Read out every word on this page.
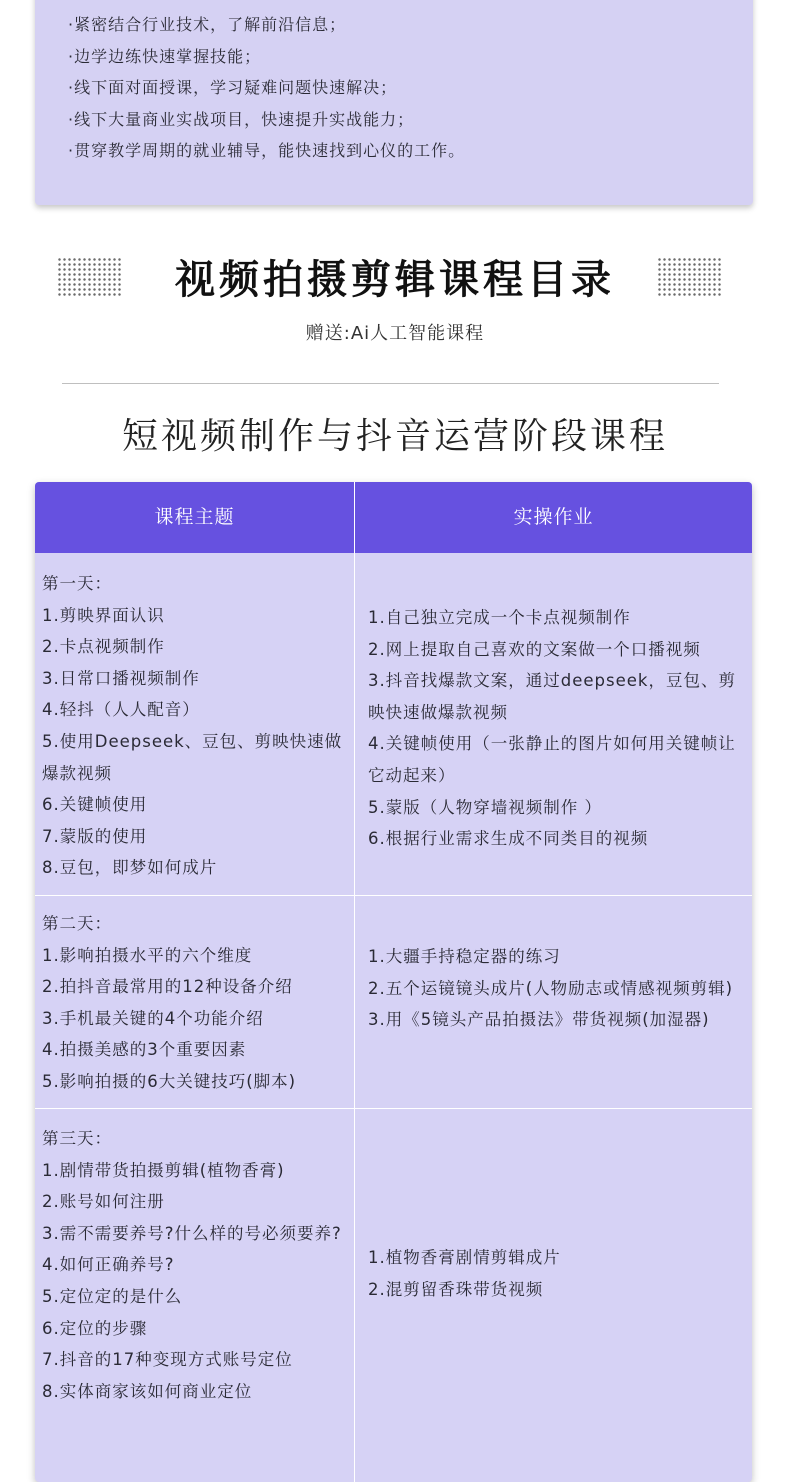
·紧密结合行业技术，了解前沿信息；
·边学边练快速掌握技能；
·线下面对面授课，学习疑难问题快速解决；
·线下大量商业实战项目，快速提升实战能力；
·贯穿教学周期的就业辅导，能快速找到心仪的工作。
视频拍摄剪辑课程目录
赠送:Ai人工智能课程
短视频制作与抖音运营阶段课程
课程主题	实操作业
第一天：
1.剪映界面认识
2.卡点视频制作
3.日常口播视频制作
4.轻抖（人人配音）
5.使用Deepseek、豆包、剪映快速做爆款视频
6.关键帧使用
7.蒙版的使用
8.豆包，即梦如何成片
1.自己独立完成一个卡点视频制作
2.网上提取自己喜欢的文案做一个口播视频
3.抖音找爆款文案，通过deepseek，豆包、剪映快速做爆款视频
4.关键帧使用（一张静止的图片如何用关键帧让它动起来）
5.蒙版（人物穿墙视频制作 ）
6.根据行业需求生成不同类目的视频
第二天：
1.影响拍摄水平的六个维度
2.拍抖音最常用的12种设备介绍
3.手机最关键的4个功能介绍
4.拍摄美感的3个重要因素
5.影响拍摄的6大关键技巧(脚本)
1.大疆手持稳定器的练习
2.五个运镜镜头成片(人物励志或情感视频剪辑)
3.用《5镜头产品拍摄法》带货视频(加湿器)
第三天：
1.剧情带货拍摄剪辑(植物香膏)
2.账号如何注册
3.需不需要养号?什么样的号必须要养?
4.如何正确养号?
5.定位定的是什么
6.定位的步骤
7.抖音的17种变现方式账号定位
8.实体商家该如何商业定位
1.植物香膏剧情剪辑成片
2.混剪留香珠带货视频
